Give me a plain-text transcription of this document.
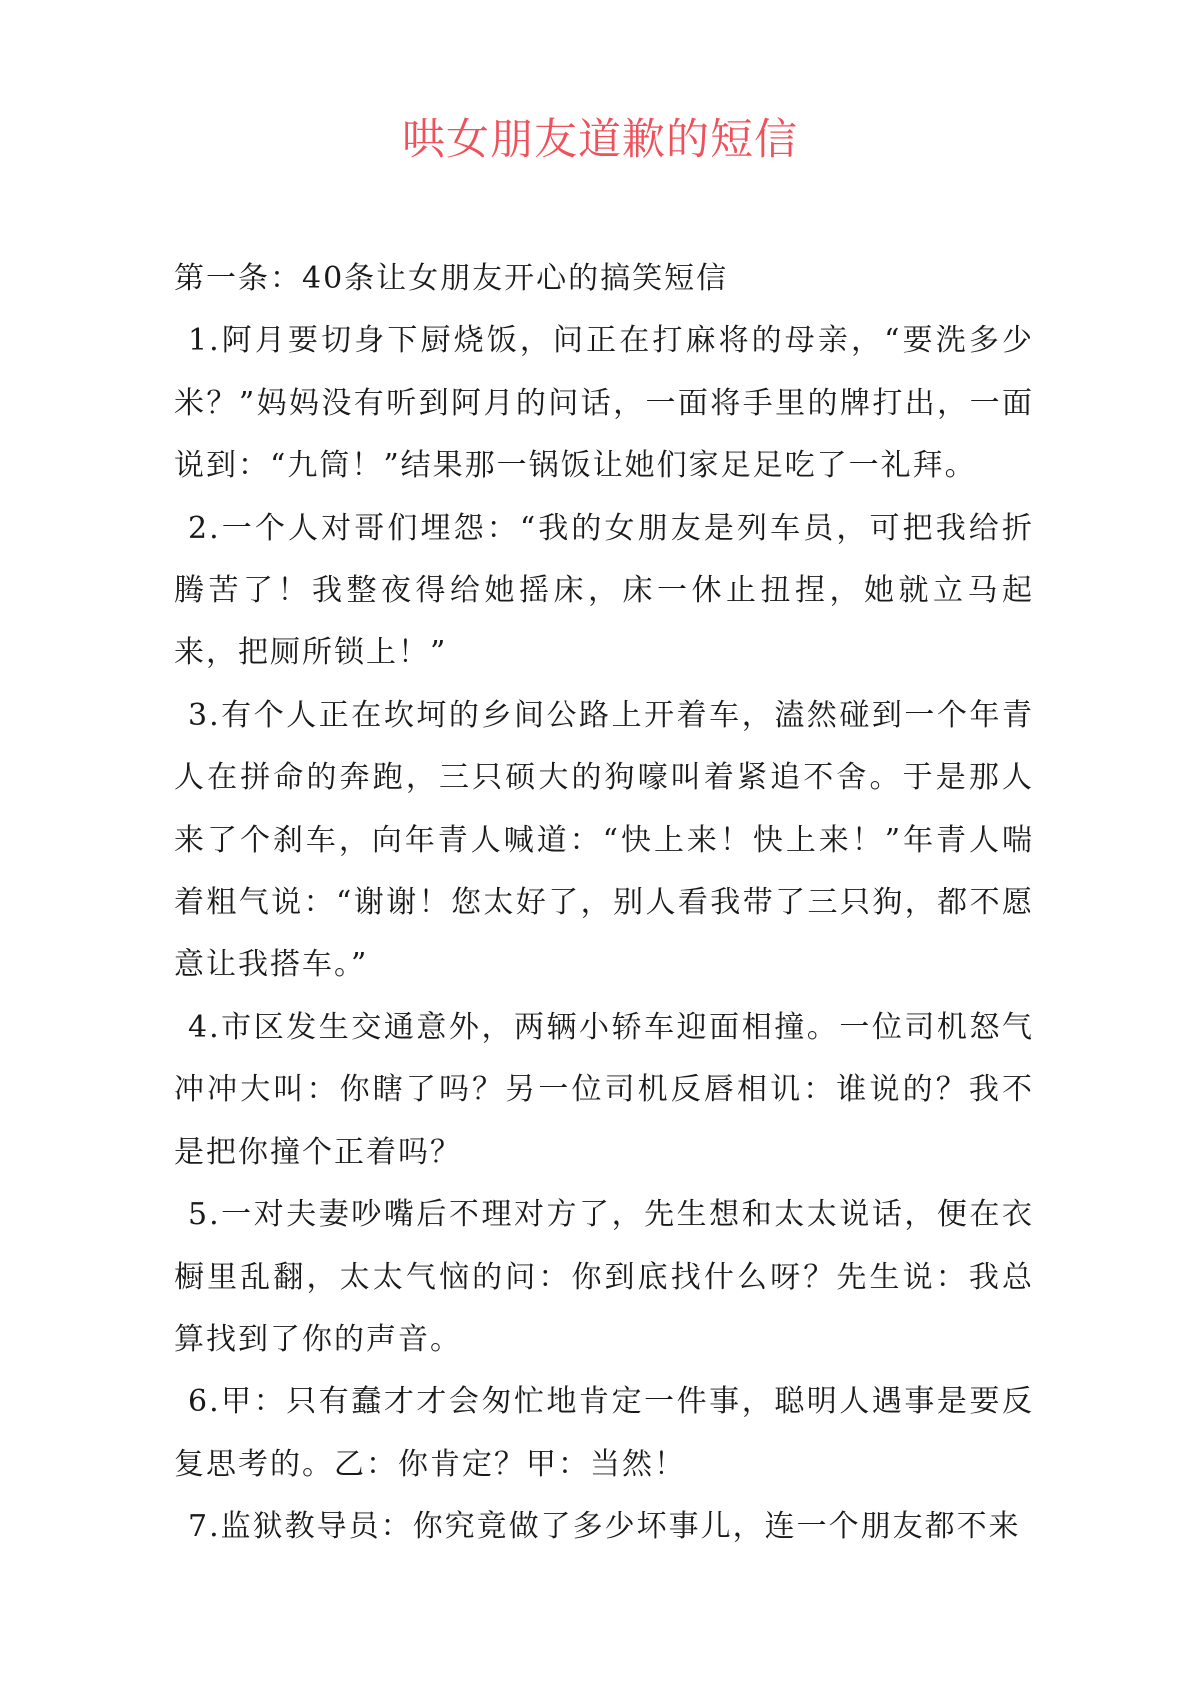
哄女朋友道歉的短信

第一条：40条让女朋友开心的搞笑短信

1.阿月要切身下厨烧饭，问正在打麻将的母亲，“要洗多少米？”妈妈没有听到阿月的问话，一面将手里的牌打出，一面说到：“九筒！”结果那一锅饭让她们家足足吃了一礼拜。

2.一个人对哥们埋怨：“我的女朋友是列车员，可把我给折腾苦了！我整夜得给她摇床，床一休止扭捏，她就立马起来，把厕所锁上！”

3.有个人正在坎坷的乡间公路上开着车，溘然碰到一个年青人在拼命的奔跑，三只硕大的狗嚎叫着紧追不舍。于是那人来了个刹车，向年青人喊道：“快上来！快上来！”年青人喘着粗气说：“谢谢！您太好了，别人看我带了三只狗，都不愿意让我搭车。”

4.市区发生交通意外，两辆小轿车迎面相撞。一位司机怒气冲冲大叫：你瞎了吗？另一位司机反唇相讥：谁说的？我不是把你撞个正着吗？

5.一对夫妻吵嘴后不理对方了，先生想和太太说话，便在衣橱里乱翻，太太气恼的问：你到底找什么呀？先生说：我总算找到了你的声音。

6.甲：只有蠢才才会匆忙地肯定一件事，聪明人遇事是要反复思考的。乙：你肯定？甲：当然！

7.监狱教导员：你究竟做了多少坏事儿，连一个朋友都不来
